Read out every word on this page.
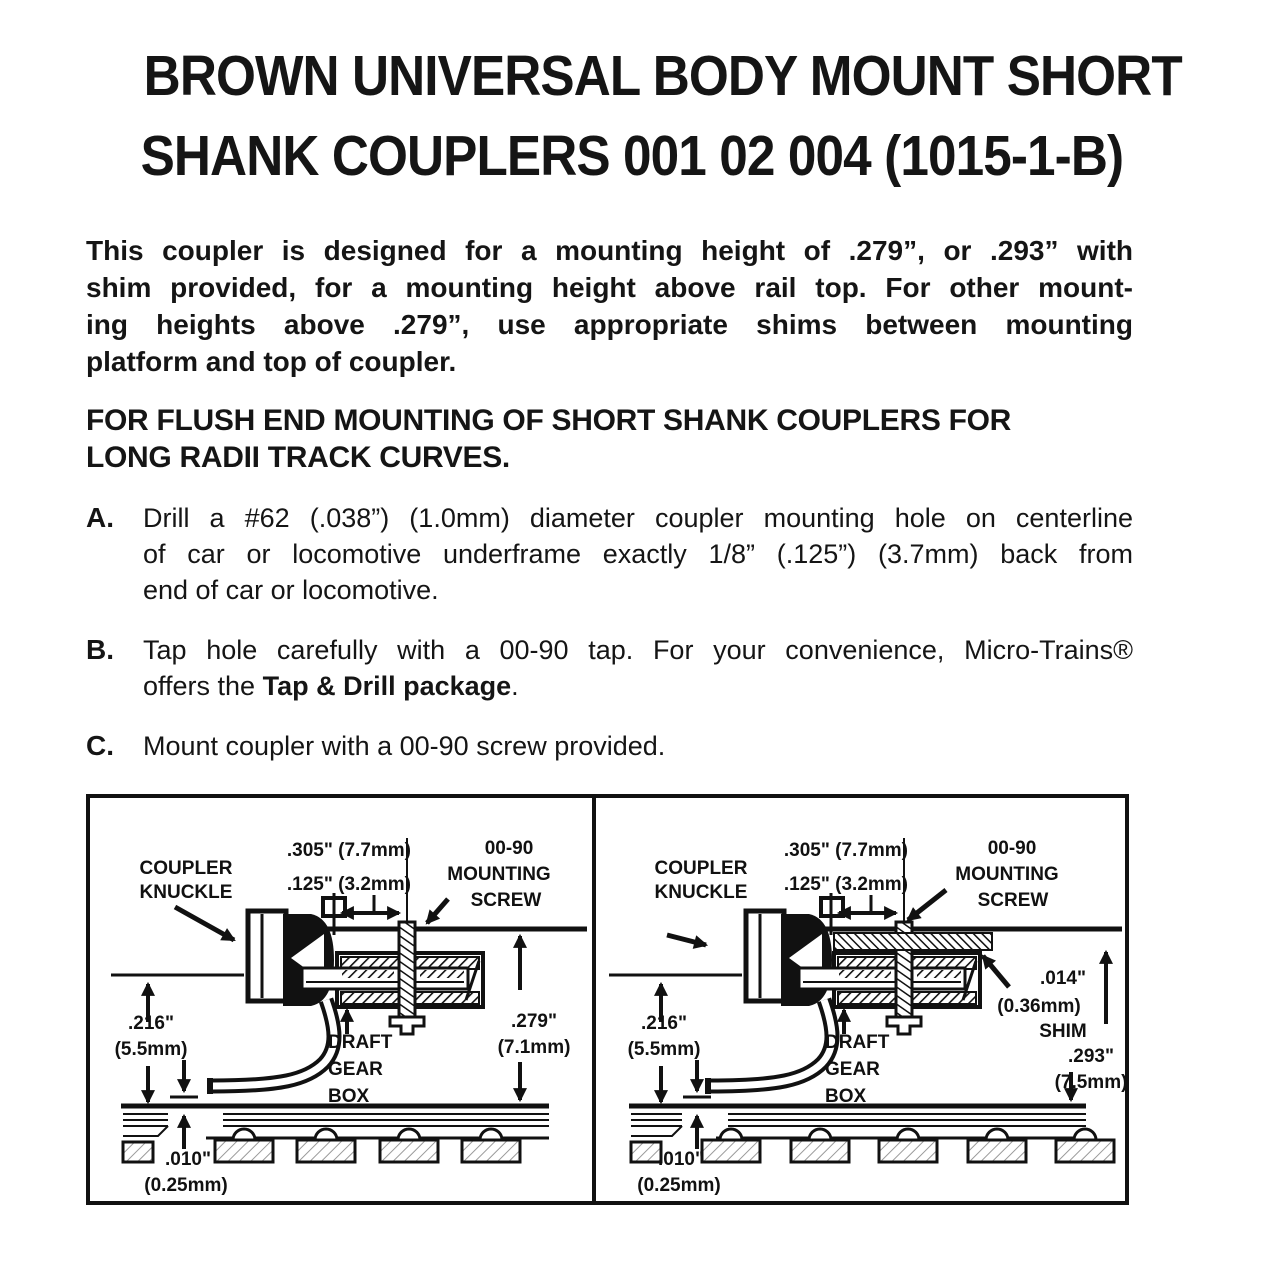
BROWN UNIVERSAL BODY MOUNT SHORT
SHANK COUPLERS 001 02 004 (1015-1-B)
This coupler is designed for a mounting height of .279”, or .293” with
shim provided, for a mounting height above rail top. For other mount-
ing heights above .279”, use appropriate shims between mounting
platform and top of coupler.
FOR FLUSH END MOUNTING OF SHORT SHANK COUPLERS FOR
LONG RADII TRACK CURVES.
A.	Drill a #62 (.038”) (1.0mm) diameter coupler mounting hole on centerline
of car or locomotive underframe exactly 1/8” (.125”) (3.7mm) back from
end of car or locomotive.
B.	Tap hole carefully with a 00-90 tap. For your convenience, Micro-Trains®
offers the Tap & Drill package.
C.	Mount coupler with a 00-90 screw provided.
COUPLER
KNUCKLE
.305" (7.7mm)
.125" (3.2mm)
00-90
MOUNTING
SCREW
.216"
(5.5mm)	DRAFT
GEAR
BOX
.279"
(7.1mm)
.010"
(0.25mm)
COUPLER
KNUCKLE
.305" (7.7mm)
.125" (3.2mm)
00-90
MOUNTING
SCREW
.014"
(0.36mm)
SHIM
.216"
(5.5mm)	DRAFT
GEAR
BOX
.293"
(7.5mm)
.010"
(0.25mm)
